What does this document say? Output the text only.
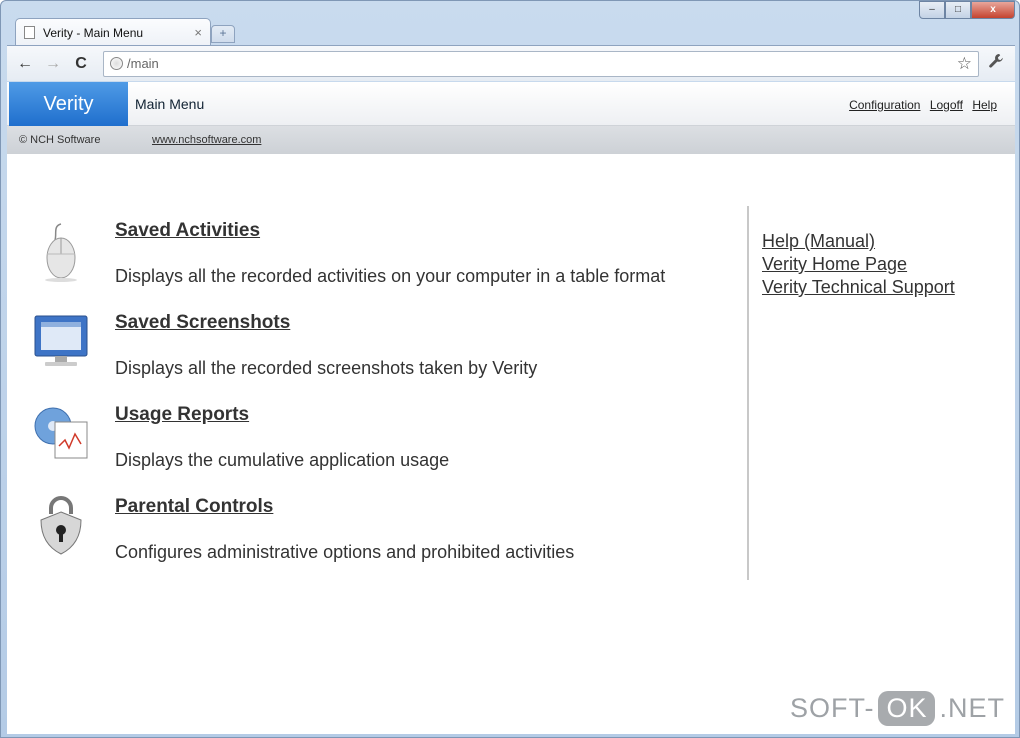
Verity - Main Menu	×	+
–	□	x
← → C	/main	☆
Verity	Main Menu	Configuration Logoff Help
© NCH Software	www.nchsoftware.com
Saved Activities
Displays all the recorded activities on your computer in a table format
Saved Screenshots
Displays all the recorded screenshots taken by Verity
Usage Reports
Displays the cumulative application usage
Parental Controls
Configures administrative options and prohibited activities
Help (Manual)
Verity Home Page
Verity Technical Support
SOFT- OK .NET
